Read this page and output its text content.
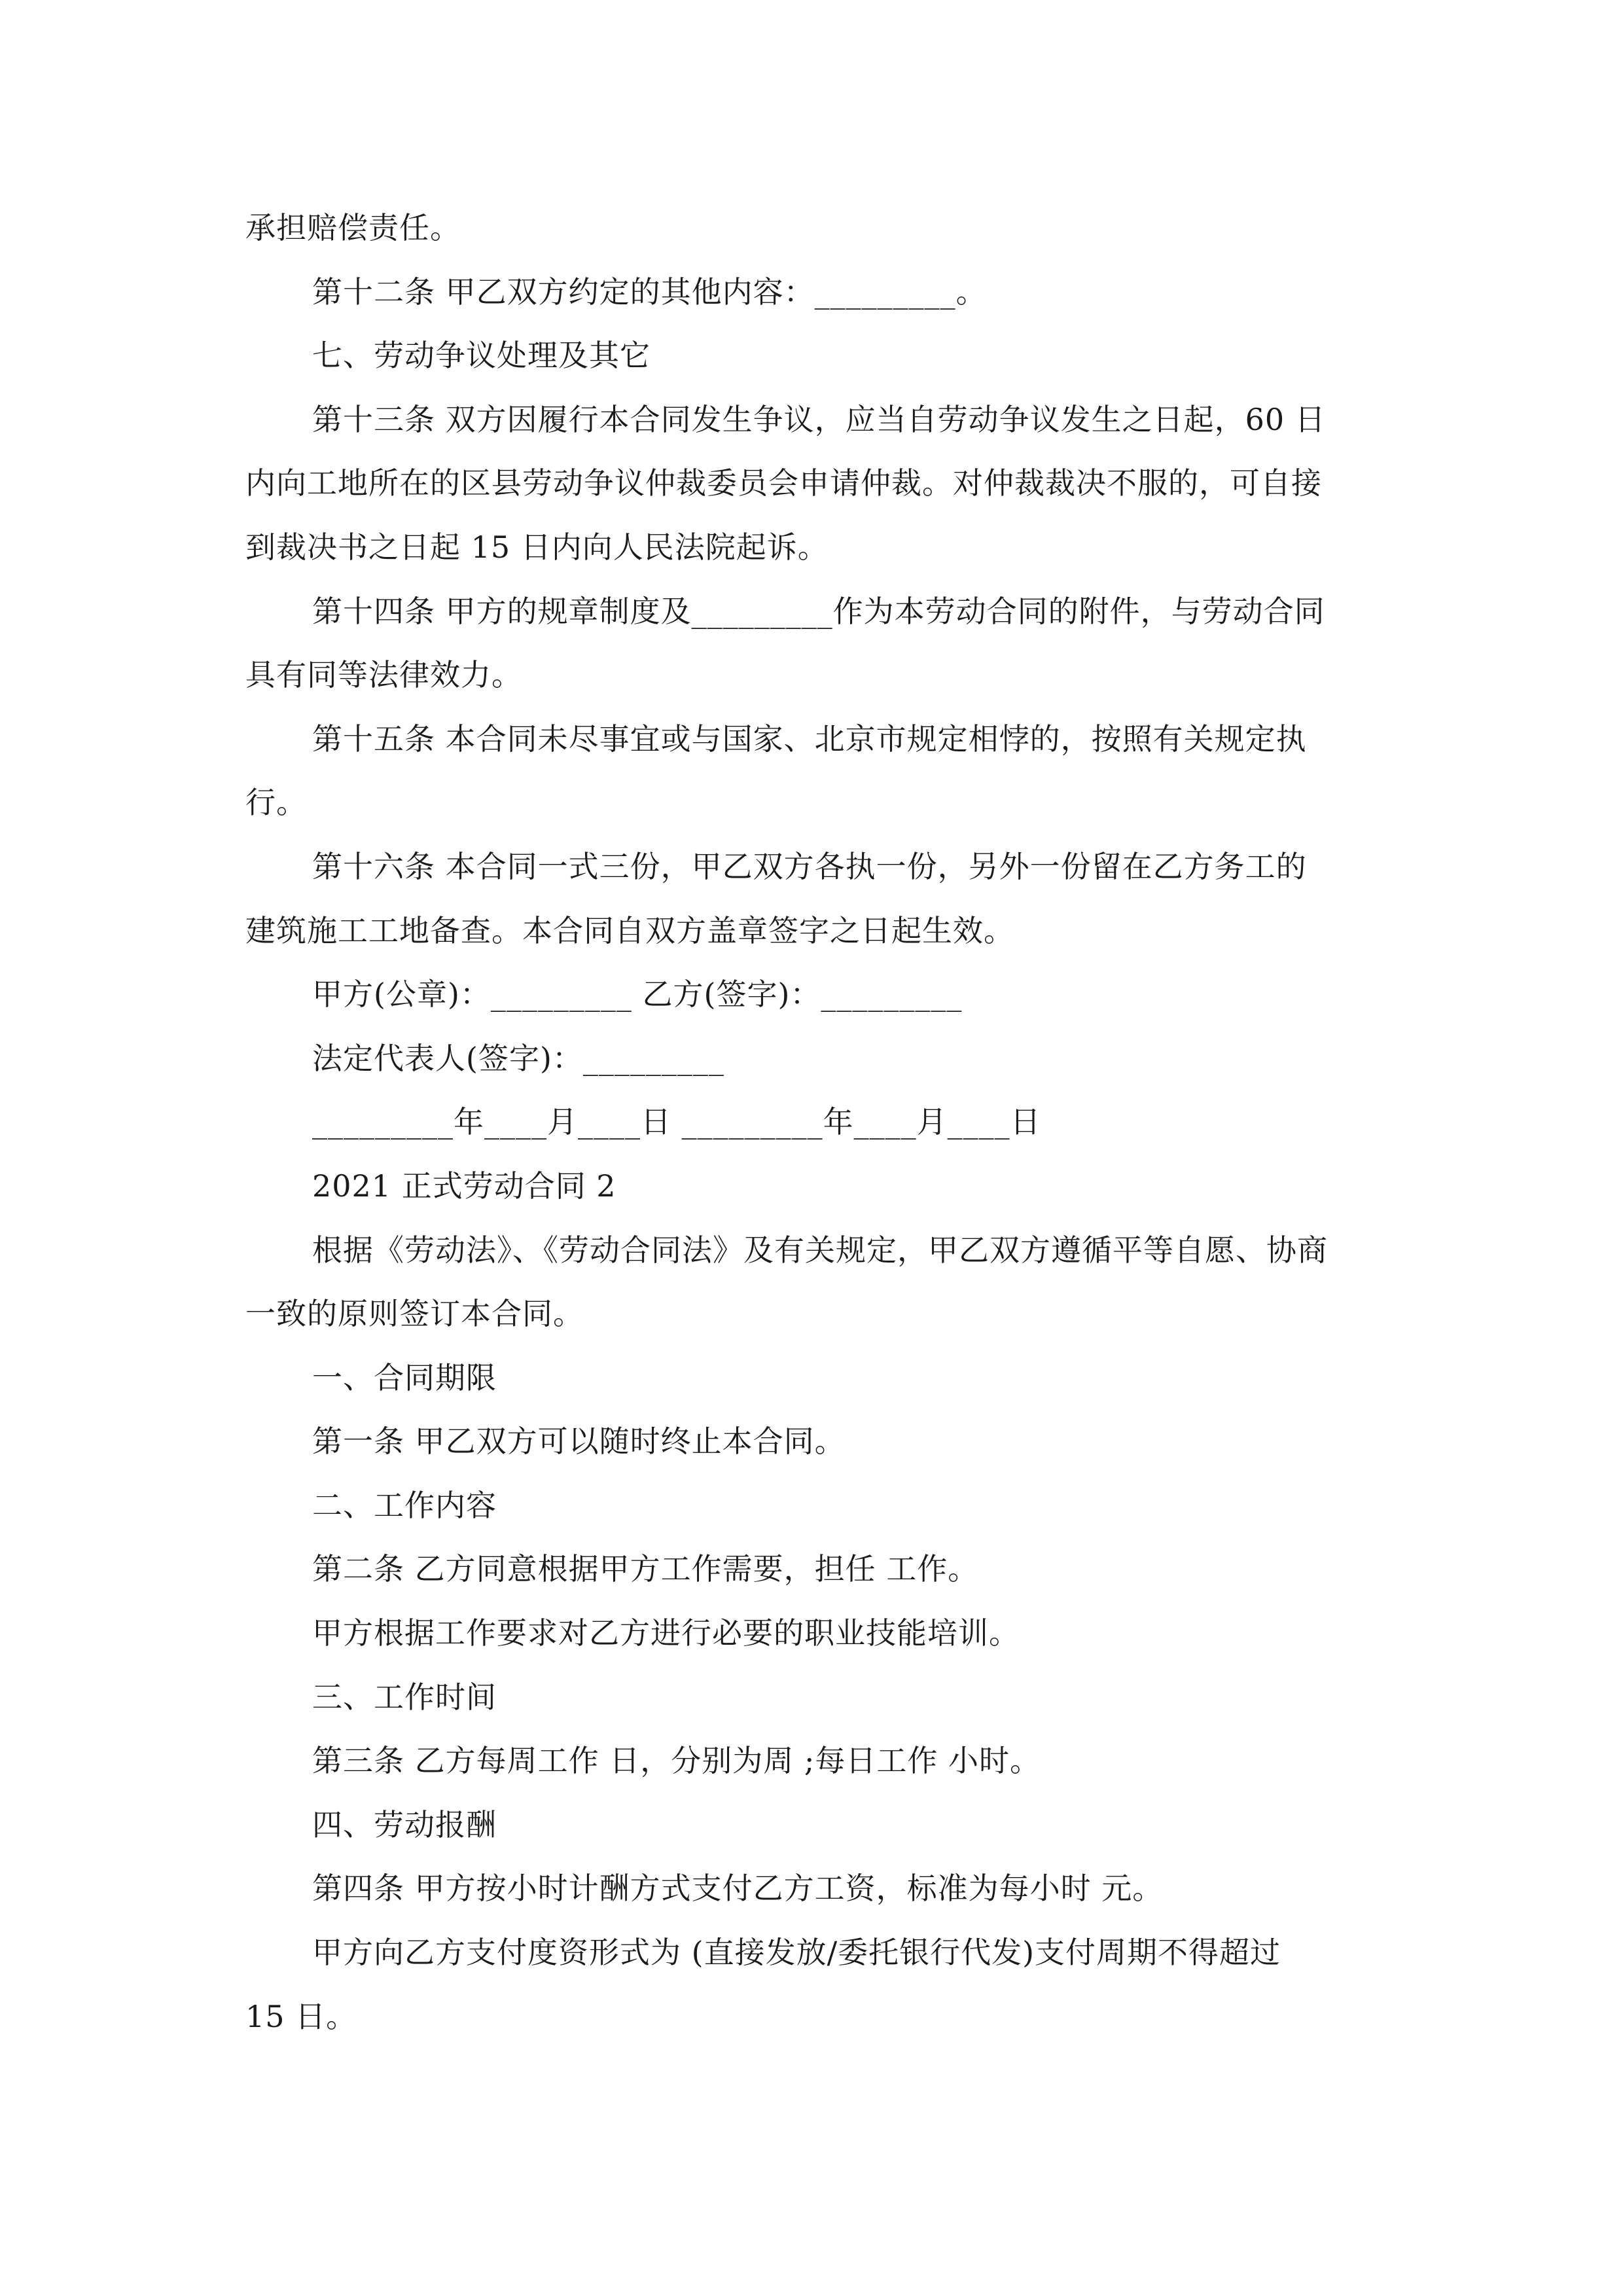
承担赔偿责任。
第十二条 甲乙双方约定的其他内容：_________。
七、劳动争议处理及其它
第十三条 双方因履行本合同发生争议，应当自劳动争议发生之日起，60 日
内向工地所在的区县劳动争议仲裁委员会申请仲裁。对仲裁裁决不服的，可自接
到裁决书之日起 15 日内向人民法院起诉。
第十四条 甲方的规章制度及_________作为本劳动合同的附件，与劳动合同
具有同等法律效力。
第十五条 本合同未尽事宜或与国家、北京市规定相悖的，按照有关规定执
行。
第十六条 本合同一式三份，甲乙双方各执一份，另外一份留在乙方务工的
建筑施工工地备查。本合同自双方盖章签字之日起生效。
甲方(公章)：_________ 乙方(签字)：_________
法定代表人(签字)：_________
_________年____月____日 _________年____月____日
2021 正式劳动合同 2
根据《劳动法》、《劳动合同法》及有关规定，甲乙双方遵循平等自愿、协商
一致的原则签订本合同。
一、合同期限
第一条 甲乙双方可以随时终止本合同。
二、工作内容
第二条 乙方同意根据甲方工作需要，担任 工作。
甲方根据工作要求对乙方进行必要的职业技能培训。
三、工作时间
第三条 乙方每周工作 日，分别为周 ;每日工作 小时。
四、劳动报酬
第四条 甲方按小时计酬方式支付乙方工资，标准为每小时 元。
甲方向乙方支付度资形式为 (直接发放/委托银行代发)支付周期不得超过
15 日。
